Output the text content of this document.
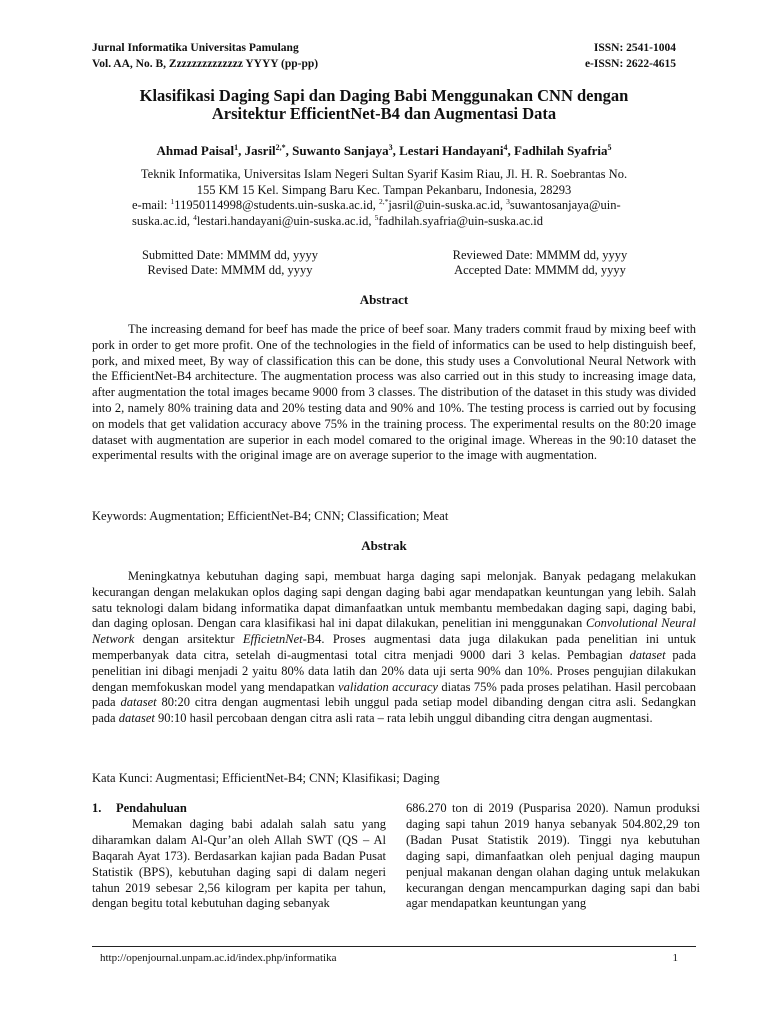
Jurnal Informatika Universitas Pamulang
Vol. AA, No. B, Zzzzzzzzzzzzzz YYYY (pp-pp)
ISSN: 2541-1004
e-ISSN: 2622-4615
Klasifikasi Daging Sapi dan Daging Babi Menggunakan CNN dengan
Arsitektur EfficientNet-B4 dan Augmentasi Data
Ahmad Paisal$^1$, Jasril$^{2,*}$, Suwanto Sanjaya$^3$, Lestari Handayani$^4$, Fadhilah Syafria$^5$
Teknik Informatika, Universitas Islam Negeri Sultan Syarif Kasim Riau, Jl. H. R. Soebrantas No.
155 KM 15 Kel. Simpang Baru Kec. Tampan Pekanbaru, Indonesia, 28293
e-mail: $^1$11950114998@students.uin-suska.ac.id, $^{2,*}$jasril@uin-suska.ac.id, $^3$suwantosanjaya@uin-
suska.ac.id, $^4$lestari.handayani@uin-suska.ac.id, $^5$fadhilah.syafria@uin-suska.ac.id
Submitted Date: MMMM dd, yyyy
Revised Date: MMMM dd, yyyy
Reviewed Date: MMMM dd, yyyy
Accepted Date: MMMM dd, yyyy
Abstract

The increasing demand for beef has made the price of beef soar. Many traders commit fraud by mixing beef with pork in order to get more profit. One of the technologies in the field of informatics can be used to help distinguish beef, pork, and mixed meet, By way of classification this can be done, this study uses a Convolutional Neural Network with the EfficientNet-B4 architecture. The augmentation process was also carried out in this study to increasing image data, after augmentation the total images became 9000 from 3 classes. The distribution of the dataset in this study was divided into 2, namely 80% training data and 20% testing data and 90% and 10%. The testing process is carried out by focusing on models that get validation accuracy above 75% in the training process. The experimental results on the 80:20 image dataset with augmentation are superior in each model comared to the original image. Whereas in the 90:10 dataset the experimental results with the original image are on average superior to the image with augmentation.

Keywords: Augmentation; EfficientNet-B4; CNN; Classification; Meat
Abstrak

Meningkatnya kebutuhan daging sapi, membuat harga daging sapi melonjak. Banyak pedagang melakukan kecurangan dengan melakukan oplos daging sapi dengan daging babi agar mendapatkan keuntungan yang lebih. Salah satu teknologi dalam bidang informatika dapat dimanfaatkan untuk membantu membedakan daging sapi, daging babi, dan daging oplosan. Dengan cara klasifikasi hal ini dapat dilakukan, penelitian ini menggunakan Convolutional Neural Network dengan arsitektur EfficietnNet-B4. Proses augmentasi data juga dilakukan pada penelitian ini untuk memperbanyak data citra, setelah di-augmentasi total citra menjadi 9000 dari 3 kelas. Pembagian dataset pada penelitian ini dibagi menjadi 2 yaitu 80% data latih dan 20% data uji serta 90% dan 10%. Proses pengujian dilakukan dengan memfokuskan model yang mendapatkan validation accuracy diatas 75% pada proses pelatihan. Hasil percobaan pada dataset 80:20 citra dengan augmentasi lebih unggul pada setiap model dibanding dengan citra asli. Sedangkan pada dataset 90:10 hasil percobaan dengan citra asli rata – rata lebih unggul dibanding citra dengan augmentasi.

Kata Kunci: Augmentasi; EfficientNet-B4; CNN; Klasifikasi; Daging
1. Pendahuluan

Memakan daging babi adalah salah satu yang diharamkan dalam Al-Qur’an oleh Allah SWT (QS – Al Baqarah Ayat 173). Berdasarkan kajian pada Badan Pusat Statistik (BPS), kebutuhan daging sapi di dalam negeri tahun 2019 sebesar 2,56 kilogram per kapita per tahun, dengan begitu total kebutuhan daging sebanyak

686.270 ton di 2019 (Pusparisa 2020). Namun produksi daging sapi tahun 2019 hanya sebanyak 504.802,29 ton (Badan Pusat Statistik 2019). Tinggi nya kebutuhan daging sapi, dimanfaatkan oleh penjual daging maupun penjual makanan dengan olahan daging untuk melakukan kecurangan dengan mencampurkan daging sapi dan babi agar mendapatkan keuntungan yang

http://openjournal.unpam.ac.id/index.php/informatika	1
